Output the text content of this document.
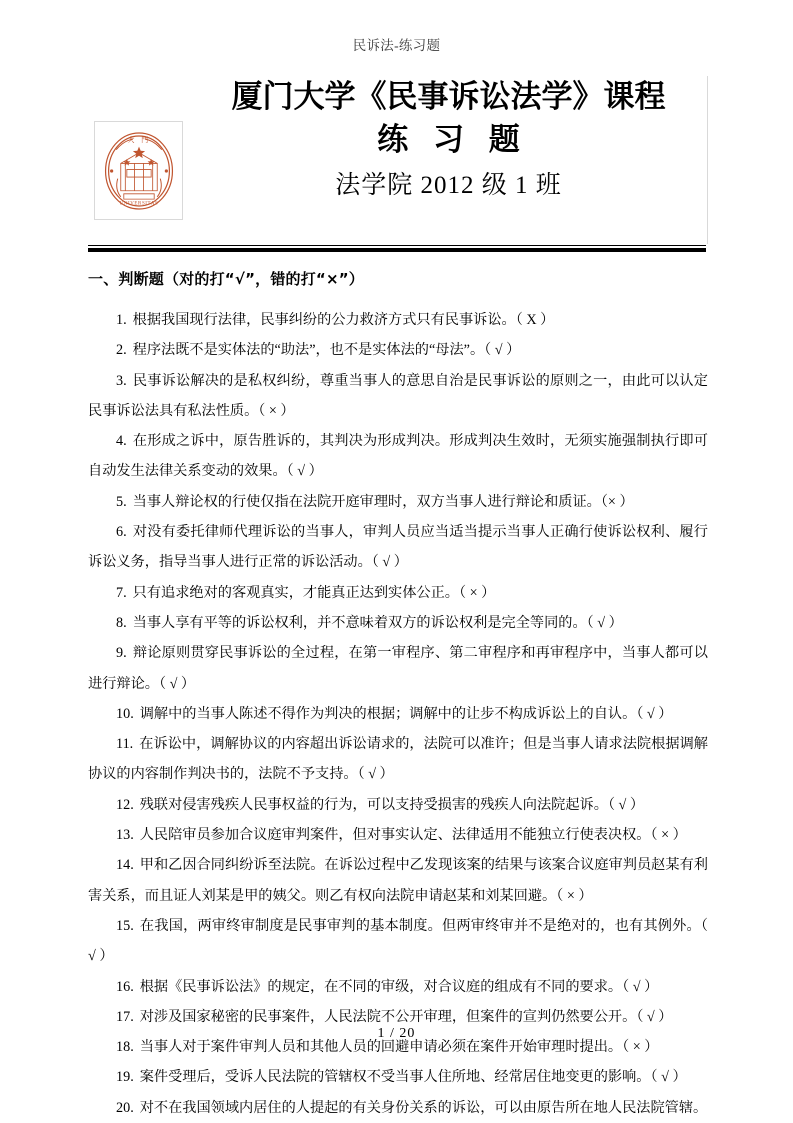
民诉法-练习题
UNIVERSITAS
大 門
厦门大学《民事诉讼法学》课程
练 习 题
法学院 2012 级 1 班
一、判断题（对的打“√”，错的打“×”）

1. 根据我国现行法律，民事纠纷的公力救济方式只有民事诉讼。（ X ）

2. 程序法既不是实体法的“助法”，也不是实体法的“母法”。（ √ ）

3. 民事诉讼解决的是私权纠纷，尊重当事人的意思自治是民事诉讼的原则之一，由此可以认定民事诉讼法具有私法性质。（ × ）

4. 在形成之诉中，原告胜诉的，其判决为形成判决。形成判决生效时，无须实施强制执行即可自动发生法律关系变动的效果。（ √ ）

5. 当事人辩论权的行使仅指在法院开庭审理时，双方当事人进行辩论和质证。（× ）

6. 对没有委托律师代理诉讼的当事人，审判人员应当适当提示当事人正确行使诉讼权利、履行诉讼义务，指导当事人进行正常的诉讼活动。（ √ ）

7. 只有追求绝对的客观真实，才能真正达到实体公正。（ × ）

8. 当事人享有平等的诉讼权利，并不意味着双方的诉讼权利是完全等同的。（ √ ）

9. 辩论原则贯穿民事诉讼的全过程，在第一审程序、第二审程序和再审程序中，当事人都可以进行辩论。（ √ ）

10. 调解中的当事人陈述不得作为判决的根据；调解中的让步不构成诉讼上的自认。（ √ ）

11. 在诉讼中，调解协议的内容超出诉讼请求的，法院可以准许；但是当事人请求法院根据调解协议的内容制作判决书的，法院不予支持。（ √ ）

12. 残联对侵害残疾人民事权益的行为，可以支持受损害的残疾人向法院起诉。（ √ ）

13. 人民陪审员参加合议庭审判案件，但对事实认定、法律适用不能独立行使表决权。（ × ）

14. 甲和乙因合同纠纷诉至法院。在诉讼过程中乙发现该案的结果与该案合议庭审判员赵某有利害关系，而且证人刘某是甲的姨父。则乙有权向法院申请赵某和刘某回避。（ × ）

15. 在我国，两审终审制度是民事审判的基本制度。但两审终审并不是绝对的，也有其例外。（ √ ）

16. 根据《民事诉讼法》的规定，在不同的审级，对合议庭的组成有不同的要求。（ √ ）

17. 对涉及国家秘密的民事案件，人民法院不公开审理，但案件的宣判仍然要公开。（ √ ）

18. 当事人对于案件审判人员和其他人员的回避申请必须在案件开始审理时提出。（ × ）

19. 案件受理后，受诉人民法院的管辖权不受当事人住所地、经常居住地变更的影响。（ √ ）

20. 对不在我国领域内居住的人提起的有关身份关系的诉讼，可以由原告所在地人民法院管辖。

1 / 20
